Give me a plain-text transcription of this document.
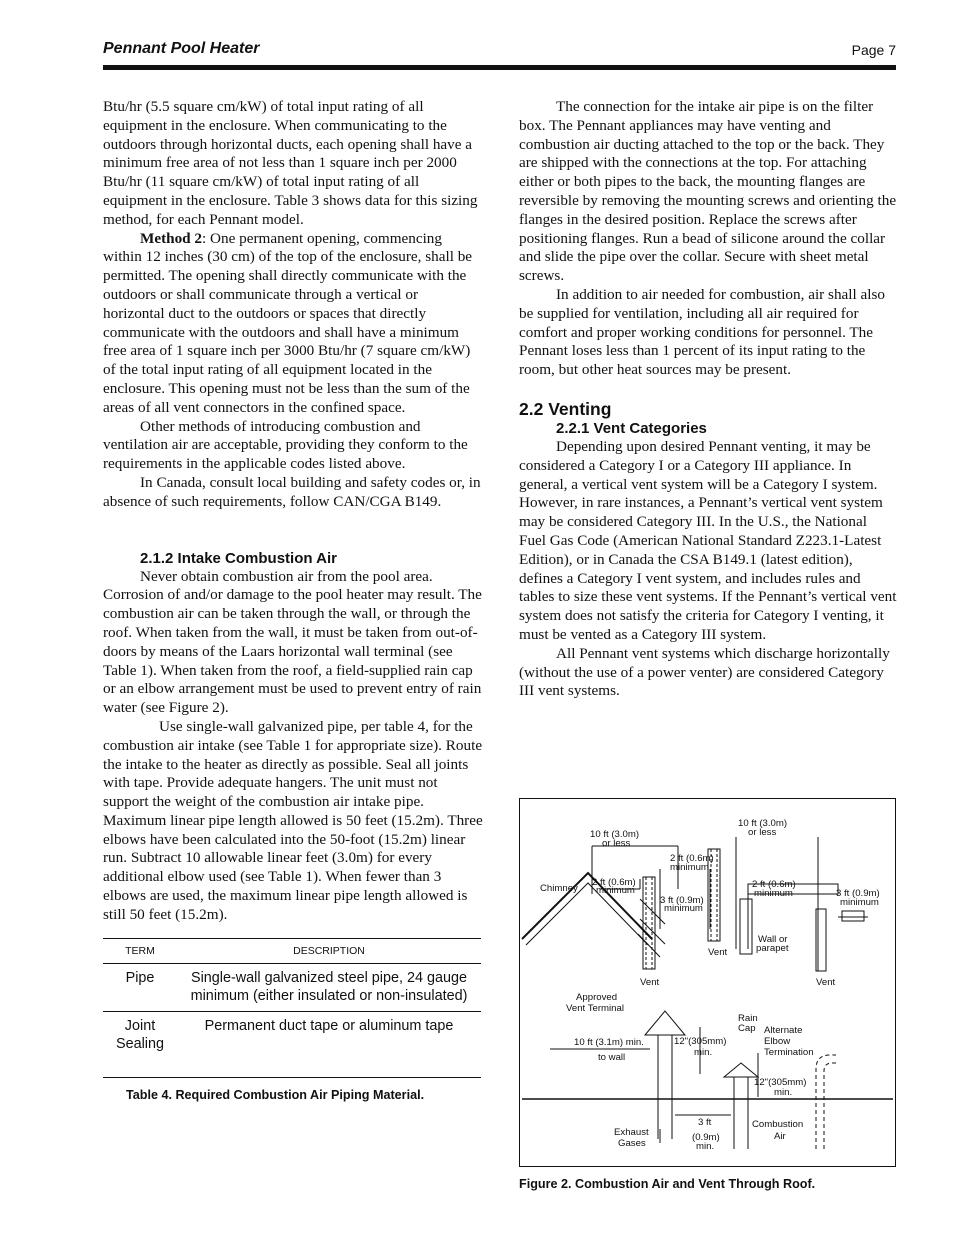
Pennant Pool Heater	Page 7

Btu/hr (5.5 square cm/kW) of total input rating of all equipment in the enclosure. When communicating to the outdoors through horizontal ducts, each opening shall have a minimum free area of not less than 1 square inch per 2000 Btu/hr (11 square cm/kW) of total input rating of all equipment in the enclosure. Table 3 shows data for this sizing method, for each Pennant model.

Method 2: One permanent opening, commencing within 12 inches (30 cm) of the top of the enclosure, shall be permitted. The opening shall directly communicate with the outdoors or shall communicate through a vertical or horizontal duct to the outdoors or spaces that directly communicate with the outdoors and shall have a minimum free area of 1 square inch per 3000 Btu/hr (7 square cm/kW) of the total input rating of all equipment located in the enclosure. This opening must not be less than the sum of the areas of all vent connectors in the confined space.

Other methods of introducing combustion and ventilation air are acceptable, providing they conform to the requirements in the applicable codes listed above.

In Canada, consult local building and safety codes or, in absence of such requirements, follow CAN/CGA B149.

2.1.2 Intake Combustion Air

Never obtain combustion air from the pool area. Corrosion of and/or damage to the pool heater may result. The combustion air can be taken through the wall, or through the roof. When taken from the wall, it must be taken from out-of-doors by means of the Laars horizontal wall terminal (see Table 1). When taken from the roof, a field-supplied rain cap or an elbow arrangement must be used to prevent entry of rain water (see Figure 2).

Use single-wall galvanized pipe, per table 4, for the combustion air intake (see Table 1 for appropriate size). Route the intake to the heater as directly as possible. Seal all joints with tape. Provide adequate hangers. The unit must not support the weight of the combustion air intake pipe. Maximum linear pipe length allowed is 50 feet (15.2m). Three elbows have been calculated into the 50-foot (15.2m) linear run. Subtract 10 allowable linear feet (3.0m) for every additional elbow used (see Table 1). When fewer than 3 elbows are used, the maximum linear pipe length allowed is still 50 feet (15.2m).

TERM	DESCRIPTION
Pipe	Single-wall galvanized steel pipe, 24 gauge minimum (either insulated or non-insulated)
Joint Sealing	Permanent duct tape or aluminum tape
Table 4. Required Combustion Air Piping Material.

The connection for the intake air pipe is on the filter box. The Pennant appliances may have venting and combustion air ducting attached to the top or the back. They are shipped with the connections at the top. For attaching either or both pipes to the back, the mounting flanges are reversible by removing the mounting screws and orienting the flanges in the desired position. Replace the screws after positioning flanges. Run a bead of silicone around the collar and slide the pipe over the collar. Secure with sheet metal screws.

In addition to air needed for combustion, air shall also be supplied for ventilation, including all air required for comfort and proper working conditions for personnel. The Pennant loses less than 1 percent of its input rating to the room, but other heat sources may be present.

2.2 Venting
2.2.1 Vent Categories

Depending upon desired Pennant venting, it may be considered a Category I or a Category III appliance. In general, a vertical vent system will be a Category I system. However, in rare instances, a Pennant’s vertical vent system may be considered Category III. In the U.S., the National Fuel Gas Code (American National Standard Z223.1-Latest Edition), or in Canada the CSA B149.1 (latest edition), defines a Category I vent system, and includes rules and tables to size these vent systems. If the Pennant’s vertical vent system does not satisfy the criteria for Category I venting, it must be vented as a Category III system.

All Pennant vent systems which discharge horizontally (without the use of a power venter) are considered Category III vent systems.

10 ft (3.0m)
or less
10 ft (3.0m)
or less
Chimney
2 ft (0.6m)
minimum
2 ft (0.6m)
minimum
2 ft (0.6m)
minimum
3 ft (0.9m)
minimum
3 ft (0.9m)
minimum
Vent
Vent
Vent
Wall or
parapet
Approved
Vent Terminal
10 ft (3.1m) min.
to wall
Rain
Cap
12"(305mm)
min.
Alternate
Elbow
Termination
12"(305mm)
min.
Exhaust
Gases
3 ft
(0.9m)
min.
Combustion
Air
Figure 2. Combustion Air and Vent Through Roof.
